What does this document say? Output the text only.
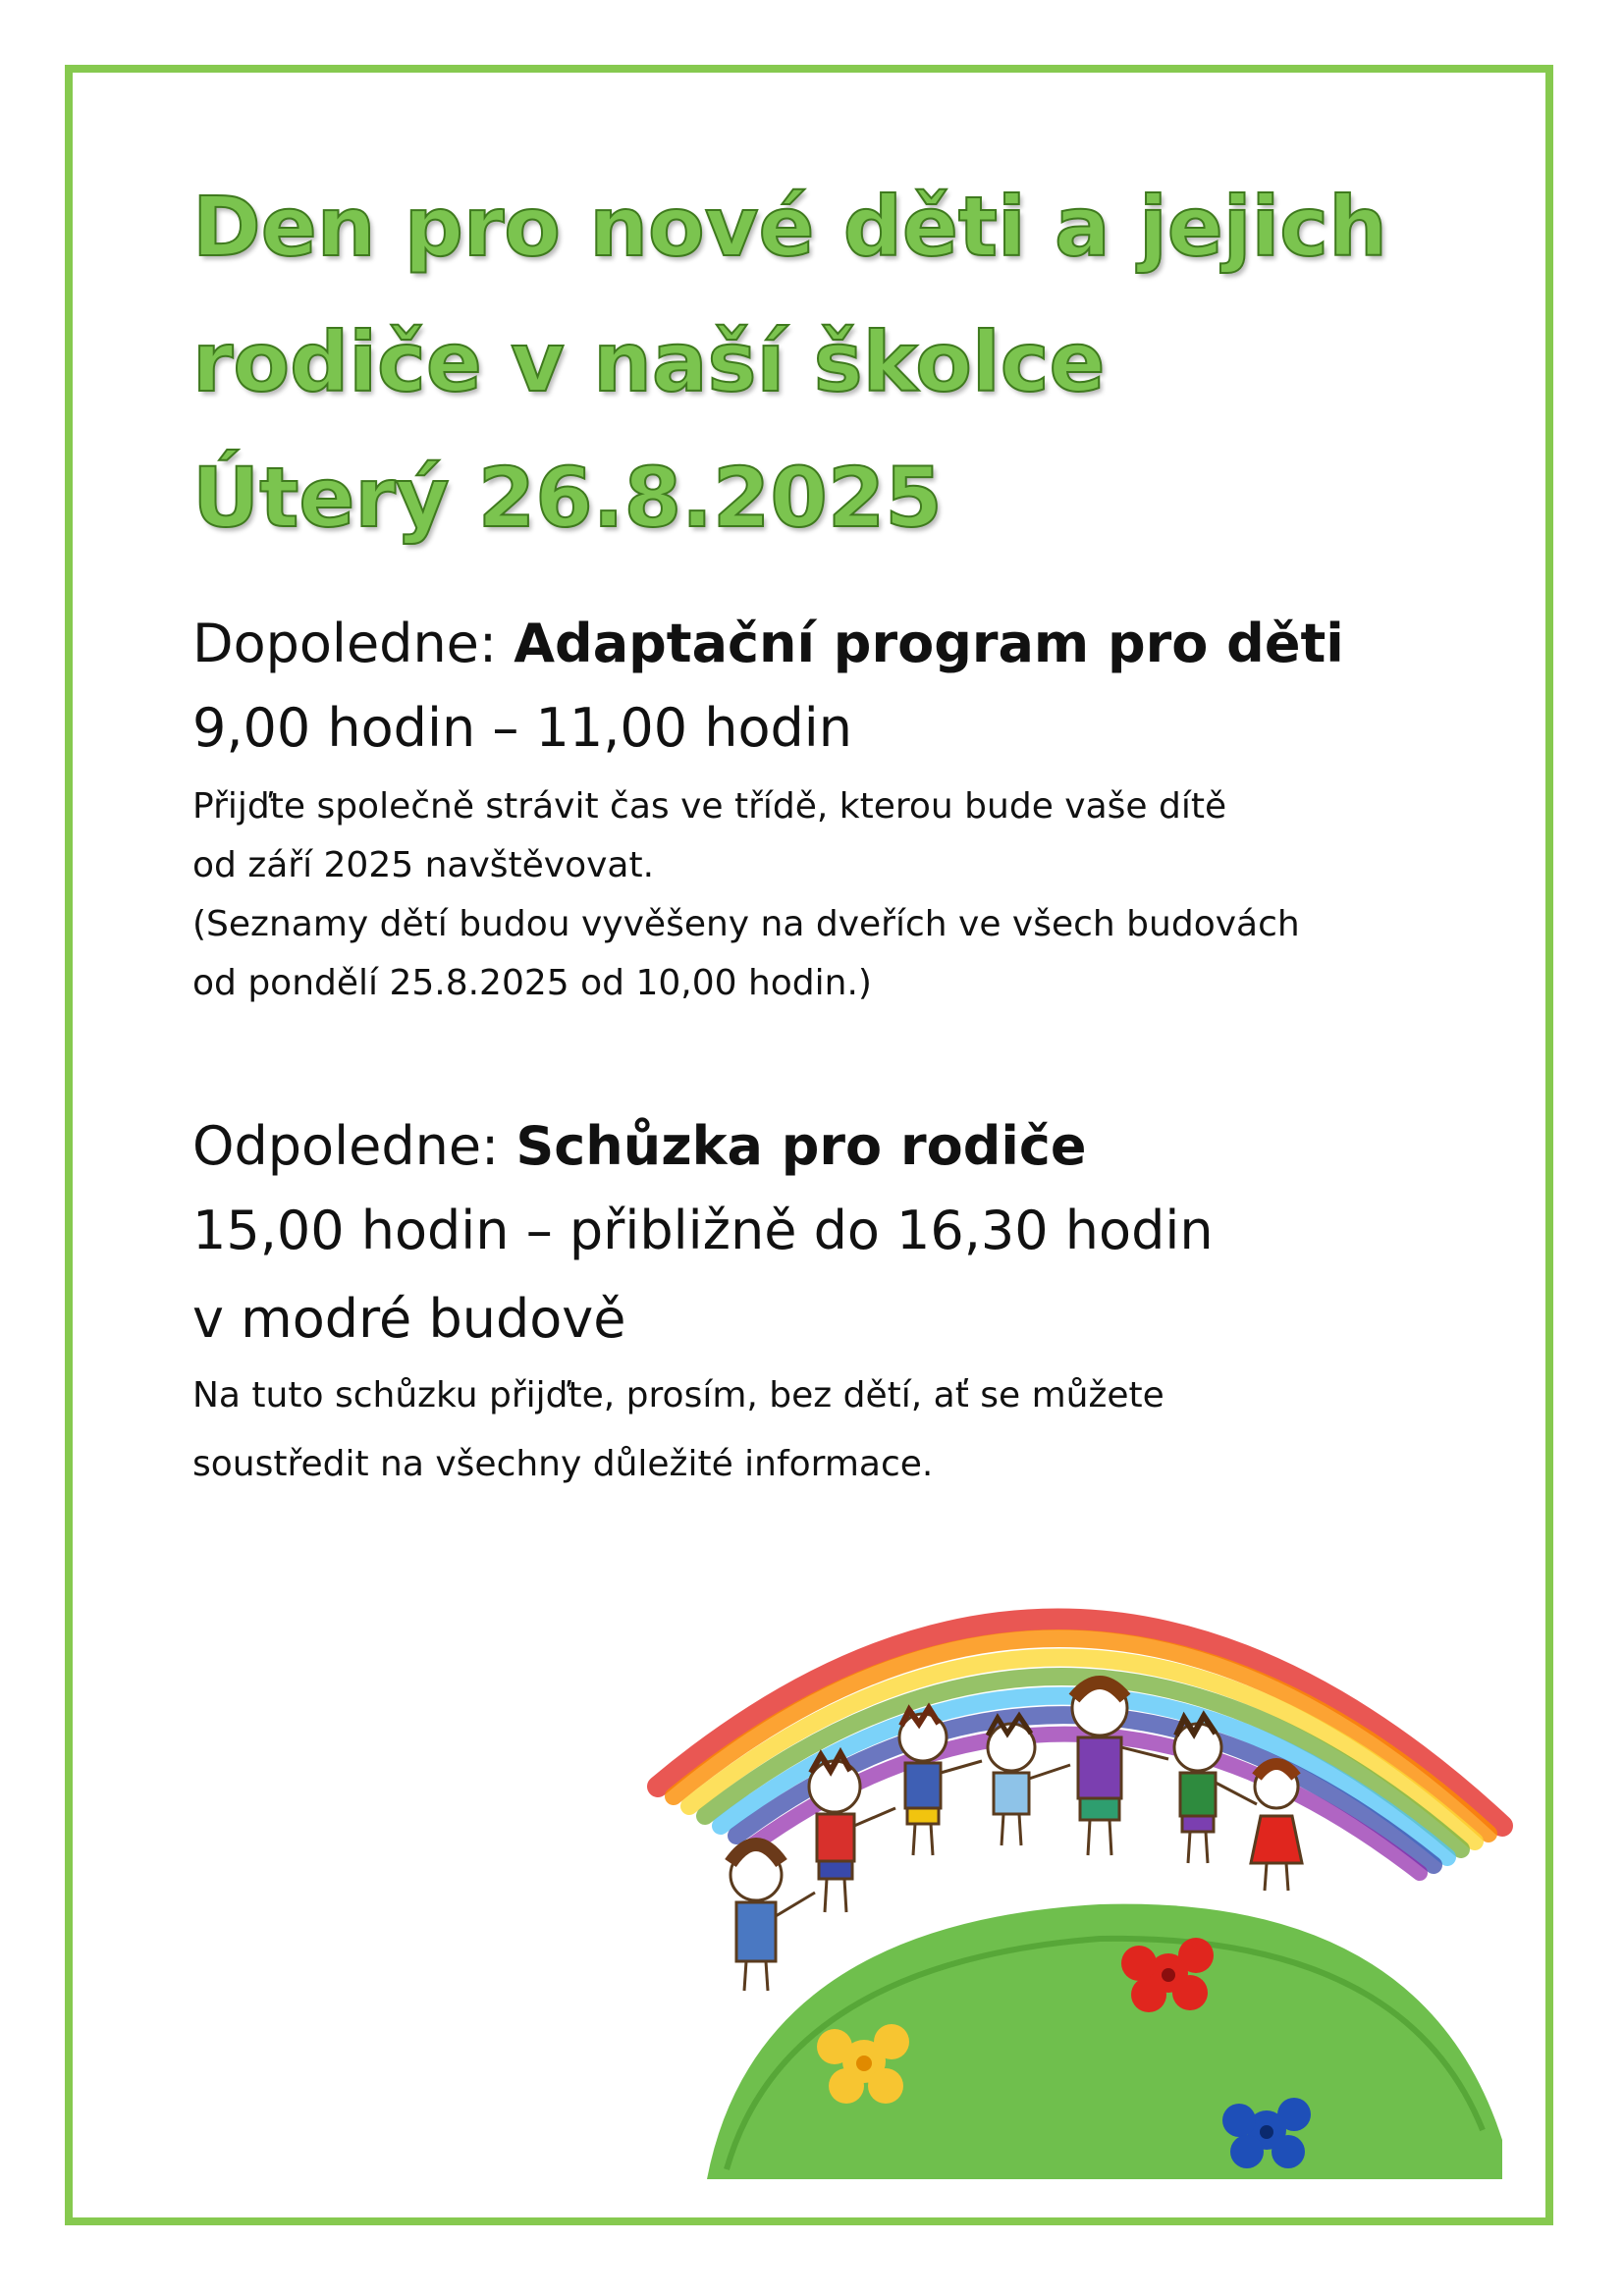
Den pro nové děti a jejich
rodiče v naší školce
Úterý 26.8.2025
Dopoledne: Adaptační program pro děti
9,00 hodin – 11,00 hodin
Přijďte společně strávit čas ve třídě, kterou bude vaše dítě
od září 2025 navštěvovat.
(Seznamy dětí budou vyvěšeny na dveřích ve všech budovách
od pondělí 25.8.2025 od 10,00 hodin.)
Odpoledne: Schůzka pro rodiče
15,00 hodin – přibližně do 16,30 hodin
v modré budově
Na tuto schůzku přijďte, prosím, bez dětí, ať se můžete
soustředit na všechny důležité informace.
